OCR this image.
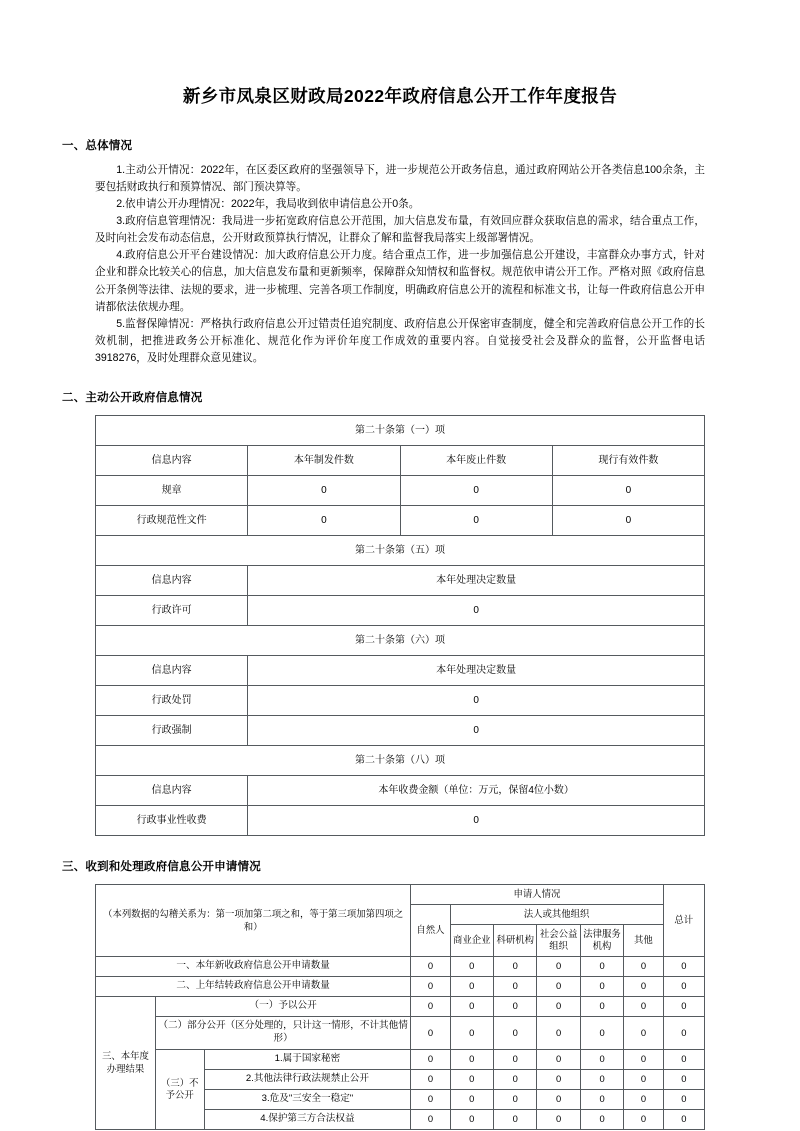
新乡市凤泉区财政局2022年政府信息公开工作年度报告
一、总体情况

1.主动公开情况：2022年，在区委区政府的坚强领导下，进一步规范公开政务信息，通过政府网站公开各类信息100余条，主要包括财政执行和预算情况、部门预决算等。

2.依申请公开办理情况：2022年，我局收到依申请信息公开0条。

3.政府信息管理情况：我局进一步拓宽政府信息公开范围，加大信息发布量，有效回应群众获取信息的需求，结合重点工作，及时向社会发布动态信息，公开财政预算执行情况，让群众了解和监督我局落实上级部署情况。

4.政府信息公开平台建设情况：加大政府信息公开力度。结合重点工作，进一步加强信息公开建设，丰富群众办事方式，针对企业和群众比较关心的信息，加大信息发布量和更新频率，保障群众知情权和监督权。规范依申请公开工作。严格对照《政府信息公开条例等法律、法规的要求，进一步梳理、完善各项工作制度，明确政府信息公开的流程和标准文书，让每一件政府信息公开申请都依法依规办理。

5.监督保障情况：严格执行政府信息公开过错责任追究制度、政府信息公开保密审查制度，健全和完善政府信息公开工作的长效机制，把推进政务公开标准化、规范化作为评价年度工作成效的重要内容。自觉接受社会及群众的监督，公开监督电话3918276，及时处理群众意见建议。

二、主动公开政府信息情况
第二十条第（一）项			
信息内容	本年制发件数	本年废止件数	现行有效件数
规章	0	0	0
行政规范性文件	0	0	0
第二十条第（五）项			
信息内容	本年处理决定数量		
行政许可	0		
第二十条第（六）项			
信息内容	本年处理决定数量		
行政处罚	0		
行政强制	0		
第二十条第（八）项			
信息内容	本年收费金额（单位：万元，保留4位小数）		
行政事业性收费	0		
三、收到和处理政府信息公开申请情况
（本列数据的勾稽关系为：第一项加第二项之和，等于第三项加第四项之和）			申请人情况						总计
			自然人	法人或其他组织					
				商业企业	科研机构	社会公益组织	法律服务机构	其他	
一、本年新收政府信息公开申请数量			0	0	0	0	0	0	0
二、上年结转政府信息公开申请数量			0	0	0	0	0	0	0
三、本年度办理结果	（一）予以公开		0	0	0	0	0	0	0
	（二）部分公开（区分处理的，只计这一情形，不计其他情形）		0	0	0	0	0	0	0
	（三）不予公开	1.属于国家秘密	0	0	0	0	0	0	0
		2.其他法律行政法规禁止公开	0	0	0	0	0	0	0
		3.危及"三安全一稳定"	0	0	0	0	0	0	0
		4.保护第三方合法权益	0	0	0	0	0	0	0
